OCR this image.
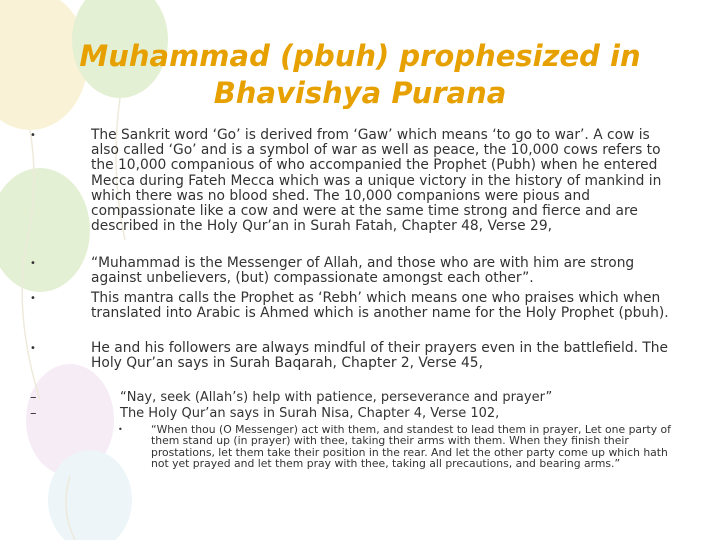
Muhammad (pbuh) prophesized in
Bhavishya Purana
•	The Sankrit word ‘Go’ is derived from ‘Gaw’ which means ‘to go to war’. A cow is also called ‘Go’ and is a symbol of war as well as peace, the 10,000 cows refers to the 10,000 companious of who accompanied the Prophet (Pubh) when he entered Mecca during Fateh Mecca which was a unique victory in the history of mankind in which there was no blood shed. The 10,000 companions were pious and compassionate like a cow and were at the same time strong and fierce and are described in the Holy Qur’an in Surah Fatah, Chapter 48, Verse 29,
•	“Muhammad is the Messenger of Allah, and those who are with him are strong against unbelievers, (but) compassionate amongst each other”.
•	This mantra calls the Prophet as ‘Rebh’ which means one who praises which when translated into Arabic is Ahmed which is another name for the Holy Prophet (pbuh).
•	He and his followers are always mindful of their prayers even in the battlefield. The Holy Qur’an says in Surah Baqarah, Chapter 2, Verse 45,
–	“Nay, seek (Allah’s) help with patience, perseverance and prayer”
–	The Holy Qur’an says in Surah Nisa, Chapter 4, Verse 102,
•	“When thou (O Messenger) act with them, and standest to lead them in prayer, Let one party of them stand up (in prayer) with thee, taking their arms with them. When they finish their prostations, let them take their position in the rear. And let the other party come up which hath not yet prayed and let them pray with thee, taking all precautions, and bearing arms.”
